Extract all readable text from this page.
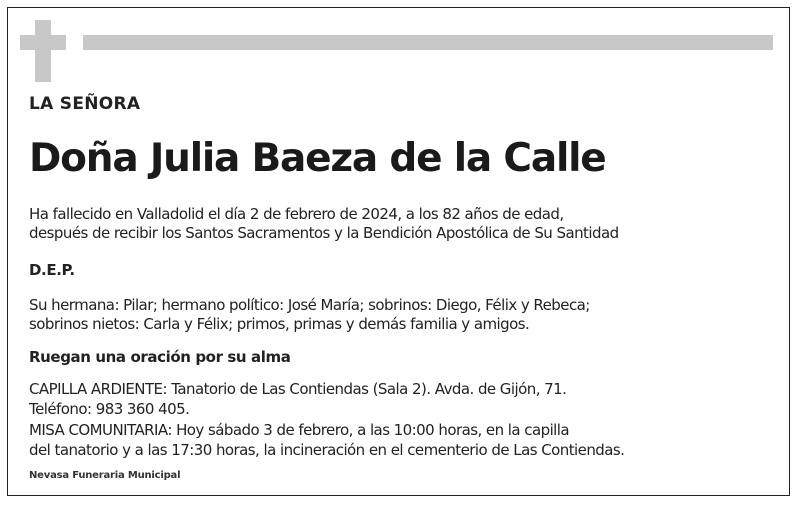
LA SEÑORA
Doña Julia Baeza de la Calle
Ha fallecido en Valladolid el día 2 de febrero de 2024, a los 82 años de edad,
después de recibir los Santos Sacramentos y la Bendición Apostólica de Su Santidad
D.E.P.
Su hermana: Pilar; hermano político: José María; sobrinos: Diego, Félix y Rebeca;
sobrinos nietos: Carla y Félix; primos, primas y demás familia y amigos.
Ruegan una oración por su alma
CAPILLA ARDIENTE: Tanatorio de Las Contiendas (Sala 2). Avda. de Gijón, 71.
Teléfono: 983 360 405.
MISA COMUNITARIA: Hoy sábado 3 de febrero, a las 10:00 horas, en la capilla
del tanatorio y a las 17:30 horas, la incineración en el cementerio de Las Contiendas.
Nevasa Funeraria Municipal
